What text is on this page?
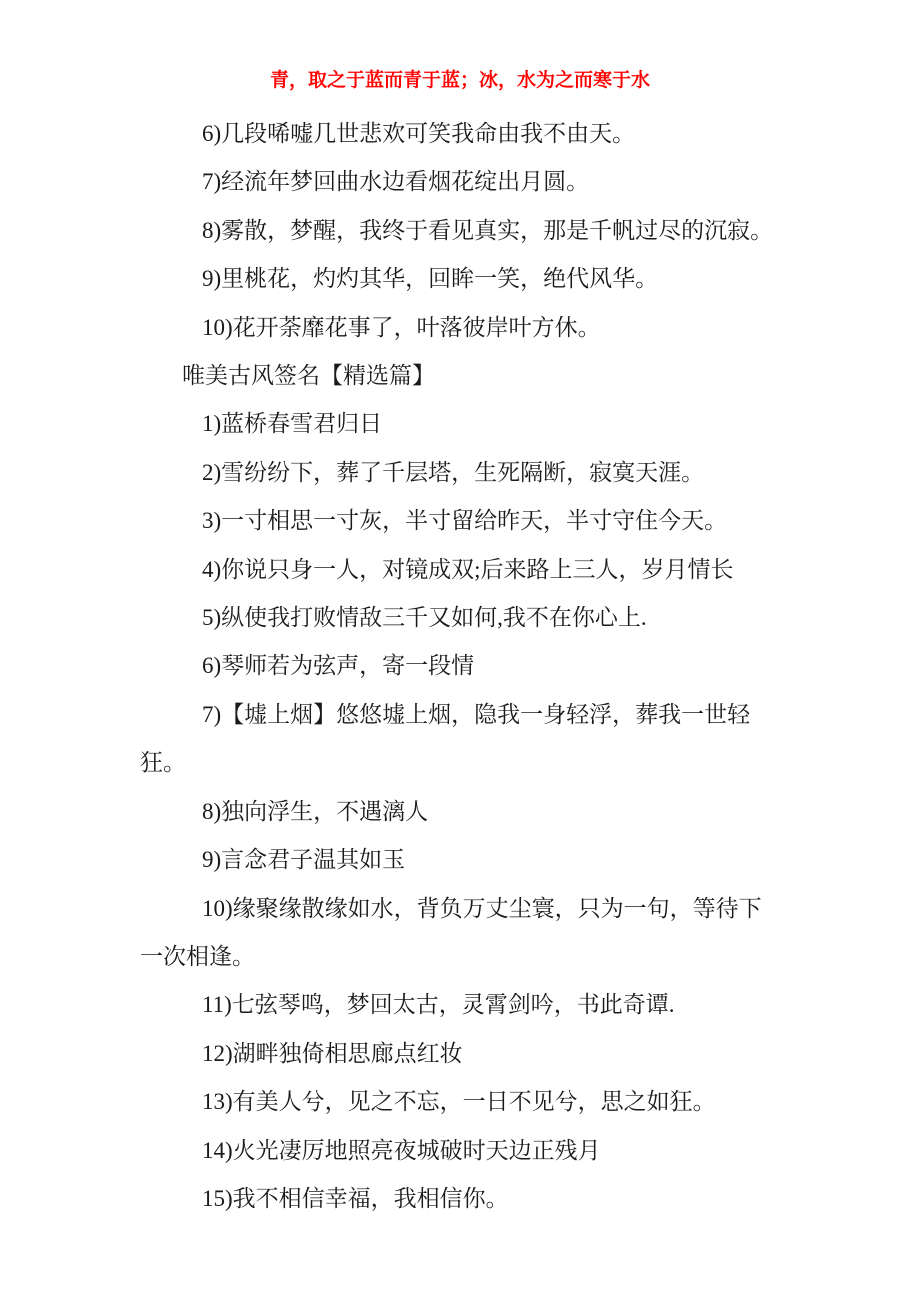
青，取之于蓝而青于蓝；冰，水为之而寒于水

6)几段唏嘘几世悲欢可笑我命由我不由天。

7)经流年梦回曲水边看烟花绽出月圆。

8)雾散，梦醒，我终于看见真实，那是千帆过尽的沉寂。

9)里桃花，灼灼其华，回眸一笑，绝代风华。

10)花开荼靡花事了，叶落彼岸叶方休。

唯美古风签名【精选篇】

1)蓝桥春雪君归日

2)雪纷纷下，葬了千层塔，生死隔断，寂寞天涯。

3)一寸相思一寸灰，半寸留给昨天，半寸守住今天。

4)你说只身一人，对镜成双;后来路上三人，岁月情长

5)纵使我打败情敌三千又如何,我不在你心上.

6)琴师若为弦声，寄一段情

7)【墟上烟】悠悠墟上烟，隐我一身轻浮，葬我一世轻狂。

8)独向浮生，不遇漓人

9)言念君子温其如玉

10)缘聚缘散缘如水，背负万丈尘寰，只为一句，等待下一次相逢。

11)七弦琴鸣，梦回太古，灵霄剑吟，书此奇谭.

12)湖畔独倚相思廊点红妆

13)有美人兮，见之不忘，一日不见兮，思之如狂。

14)火光凄厉地照亮夜城破时天边正残月

15)我不相信幸福，我相信你。
